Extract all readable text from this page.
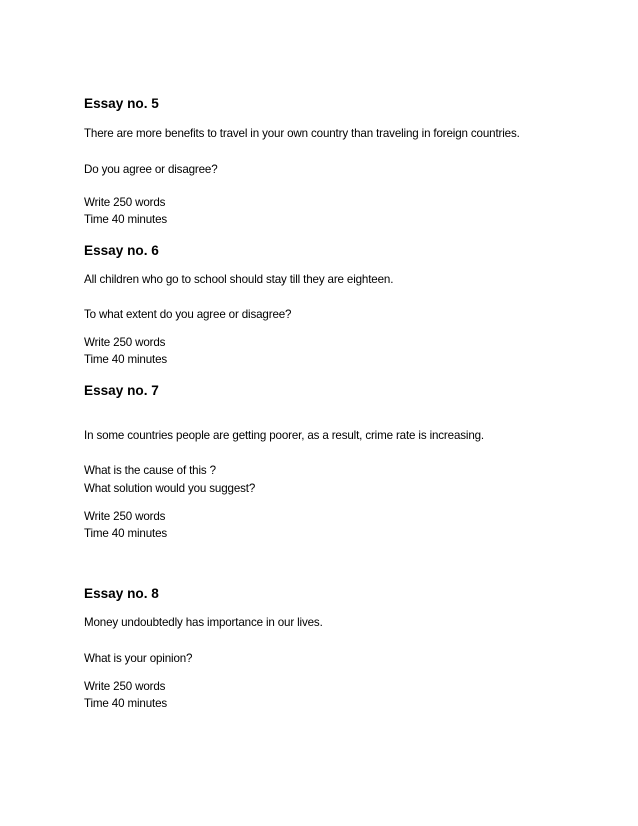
Essay no. 5
There are more benefits to travel in your own country than traveling in foreign countries.
Do you agree or disagree?
Write 250 words
Time 40 minutes
Essay no. 6
All children who go to school should stay till they are eighteen.
To what extent do you agree or disagree?
Write 250 words
Time 40 minutes
Essay no. 7
In some countries people are getting poorer, as a result, crime rate is increasing.
What is the cause of this ?
What solution would you suggest?
Write 250 words
Time 40 minutes
Essay no. 8
Money undoubtedly has importance in our lives.
What is your opinion?
Write 250 words
Time 40 minutes
